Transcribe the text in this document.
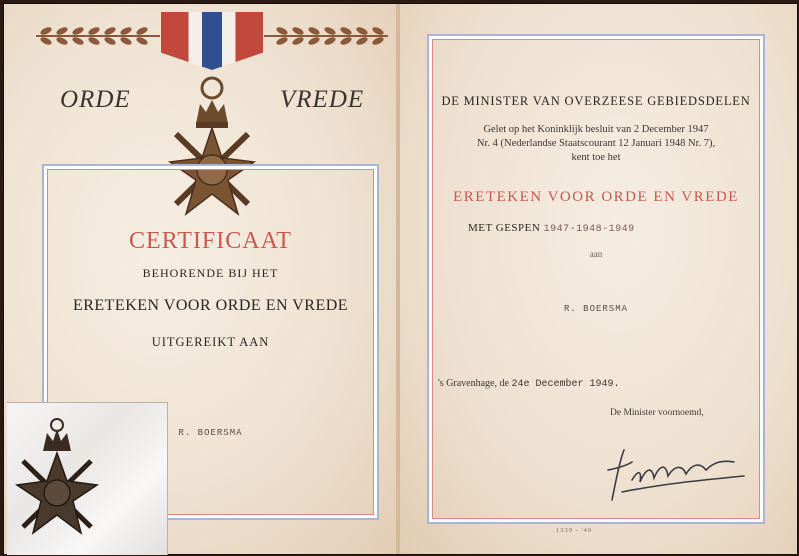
ORDE	VREDE
CERTIFICAAT
BEHORENDE BIJ HET
ERETEKEN VOOR ORDE EN VREDE
UITGEREIKT AAN
R. BOERSMA
DE MINISTER VAN OVERZEESE GEBIEDSDELEN
Gelet op het Koninklijk besluit van 2 December 1947
Nr. 4 (Nederlandse Staatscourant 12 Januari 1948 Nr. 7),
kent toe het
ERETEKEN VOOR ORDE EN VREDE
MET GESPEN 1947-1948-1949
aan
R. BOERSMA
's Gravenhage, de 24e December 1949.
De Minister voornoemd,
1339 - '49
